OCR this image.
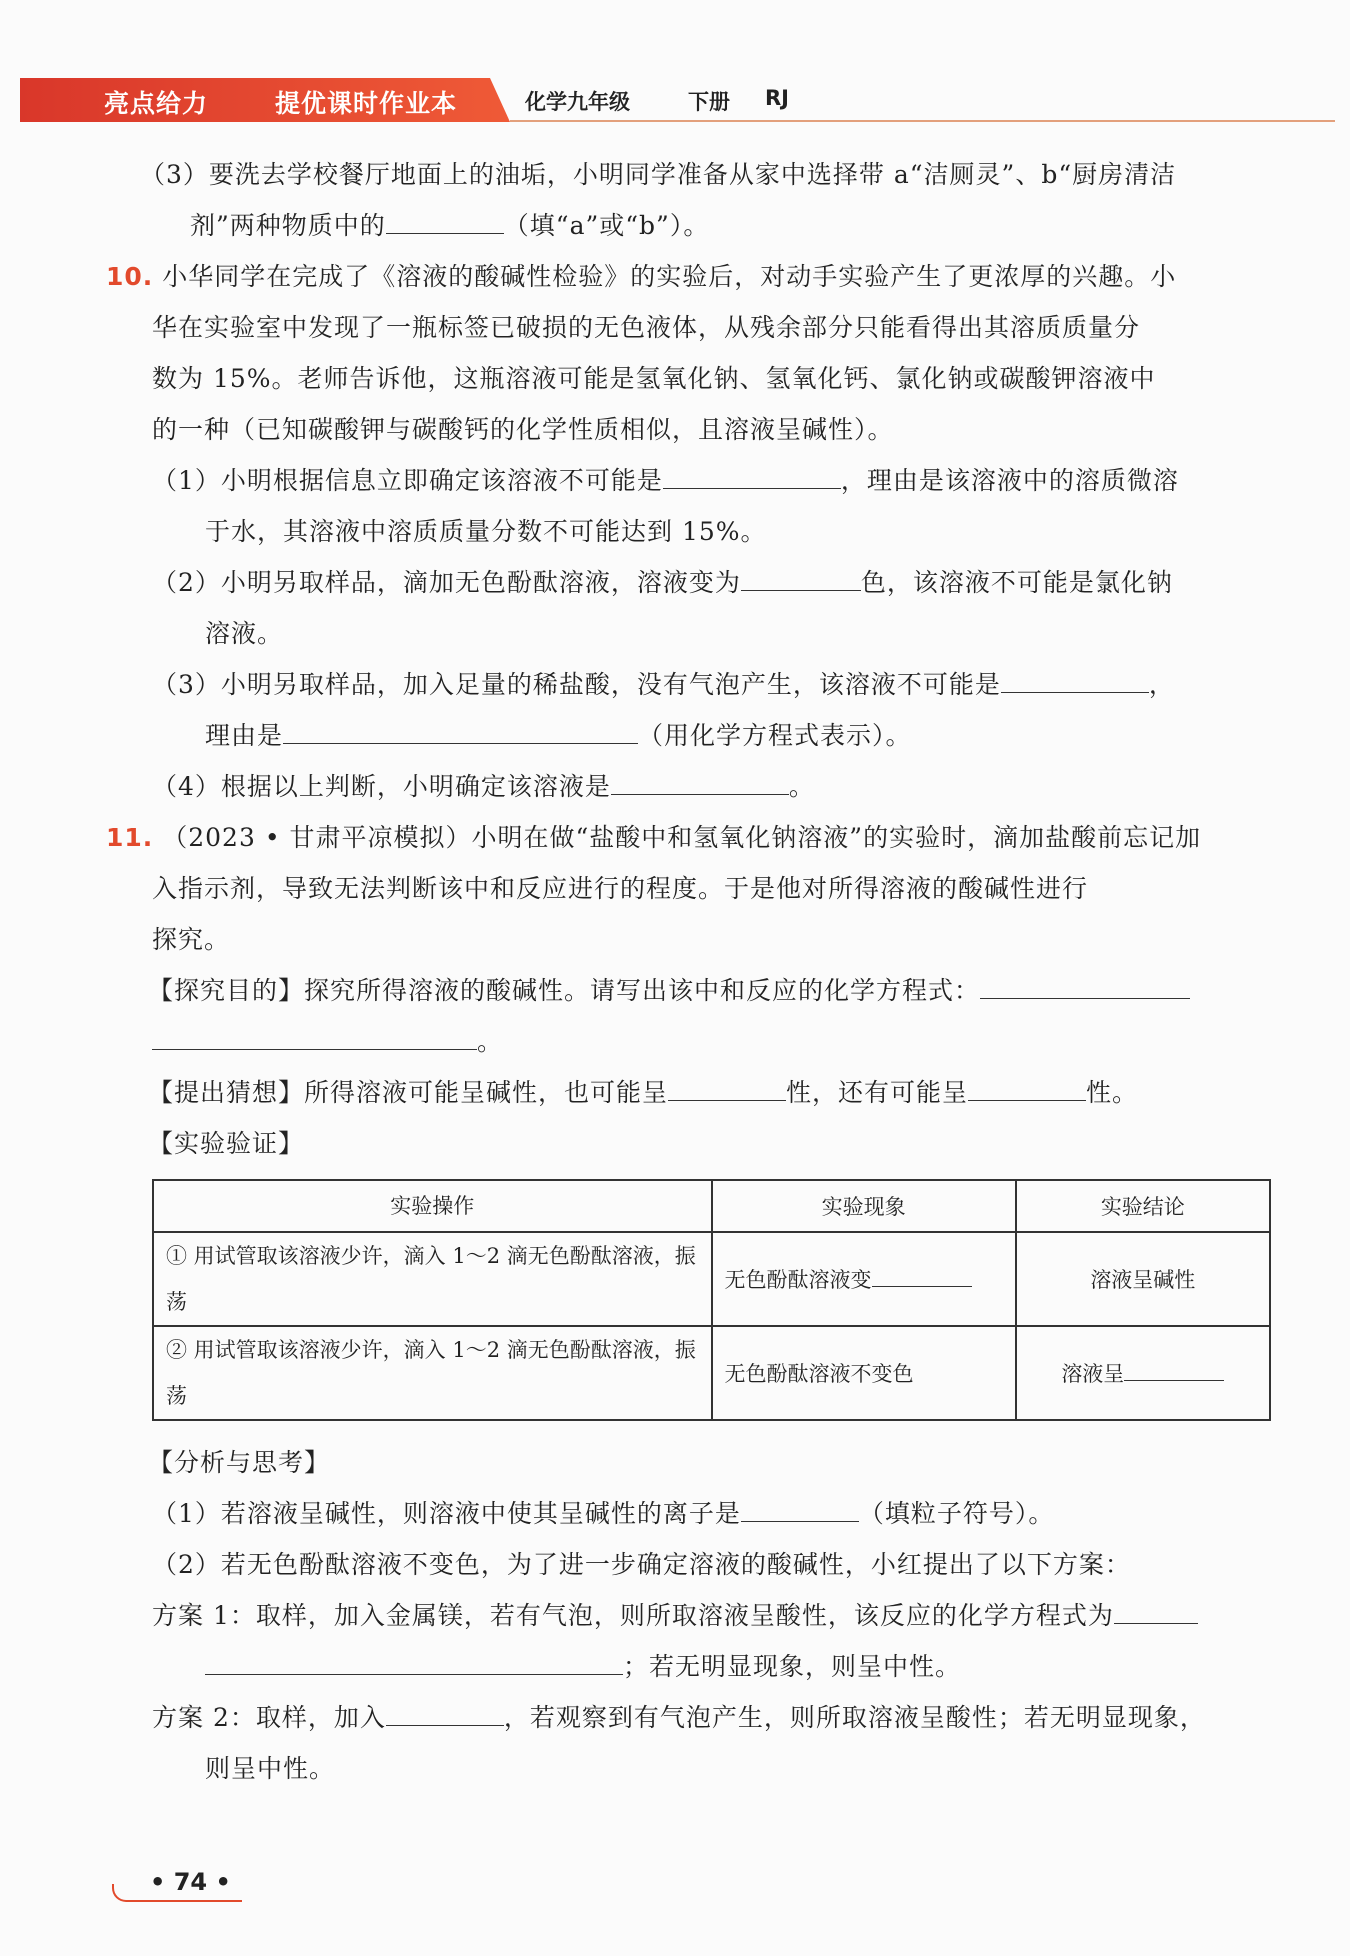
亮点给力	提优课时作业本	化学九年级	下册 RJ
（3）要洗去学校餐厅地面上的油垢，小明同学准备从家中选择带 a“洁厕灵”、b“厨房清洁
剂”两种物质中的	（填“a”或“b”）。
10. 小华同学在完成了《溶液的酸碱性检验》的实验后，对动手实验产生了更浓厚的兴趣。小
华在实验室中发现了一瓶标签已破损的无色液体，从残余部分只能看得出其溶质质量分
数为 15%。老师告诉他，这瓶溶液可能是氢氧化钠、氢氧化钙、氯化钠或碳酸钾溶液中
的一种（已知碳酸钾与碳酸钙的化学性质相似，且溶液呈碱性）。
（1）小明根据信息立即确定该溶液不可能是	，理由是该溶液中的溶质微溶
于水，其溶液中溶质质量分数不可能达到 15%。
（2）小明另取样品，滴加无色酚酞溶液，溶液变为	色，该溶液不可能是氯化钠
溶液。
（3）小明另取样品，加入足量的稀盐酸，没有气泡产生，该溶液不可能是	，
理由是	（用化学方程式表示）。
（4）根据以上判断，小明确定该溶液是	。
11. （2023 • 甘肃平凉模拟）小明在做“盐酸中和氢氧化钠溶液”的实验时，滴加盐酸前忘记加
入指示剂，导致无法判断该中和反应进行的程度。于是他对所得溶液的酸碱性进行
探究。
【探究目的】探究所得溶液的酸碱性。请写出该中和反应的化学方程式：
。
【提出猜想】所得溶液可能呈碱性，也可能呈	性，还有可能呈	性。
【实验验证】
实验操作	实验现象	实验结论
① 用试管取该溶液少许，滴入 1～2 滴无色酚酞溶液，振荡	无色酚酞溶液变	溶液呈碱性
② 用试管取该溶液少许，滴入 1～2 滴无色酚酞溶液，振荡	无色酚酞溶液不变色	溶液呈
【分析与思考】
（1）若溶液呈碱性，则溶液中使其呈碱性的离子是	（填粒子符号）。
（2）若无色酚酞溶液不变色，为了进一步确定溶液的酸碱性，小红提出了以下方案：
方案 1：取样，加入金属镁，若有气泡，则所取溶液呈酸性，该反应的化学方程式为
；若无明显现象，则呈中性。
方案 2：取样，加入	，若观察到有气泡产生，则所取溶液呈酸性；若无明显现象，
则呈中性。
• 74 •
